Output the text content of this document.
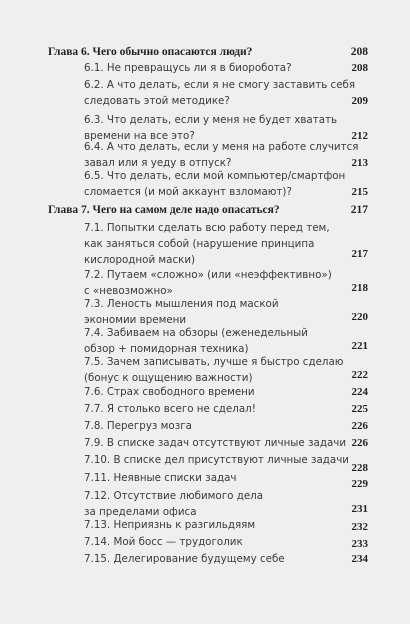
Глава 6. Чего обычно опасаются люди?	208
6.1. Не превращусь ли я в биоробота?	208
6.2. А что делать, если я не смогу заставить себя
следовать этой методике?	209
6.3. Что делать, если у меня не будет хватать
времени на все это?	212
6.4. А что делать, если у меня на работе случится
завал или я уеду в отпуск?	213
6.5. Что делать, если мой компьютер/смартфон
сломается (и мой аккаунт взломают)?	215
Глава 7. Чего на самом деле надо опасаться?	217
7.1. Попытки сделать всю работу перед тем,
как заняться собой (нарушение принципа
кислородной маски)	217
7.2. Путаем «сложно» (или «неэффективно»)
с «невозможно»	218
7.3. Леность мышления под маской
экономии времени	220
7.4. Забиваем на обзоры (еженедельный
обзор + помидорная техника)	221
7.5. Зачем записывать, лучше я быстро сделаю
(бонус к ощущению важности)	222
7.6. Страх свободного времени	224
7.7. Я столько всего не сделал!	225
7.8. Перегруз мозга	226
7.9. В списке задач отсутствуют личные задачи 226
7.10. В списке дел присутствуют личные задачи
228
7.11. Неявные списки задач	229
7.12. Отсутствие любимого дела
за пределами офиса	231
7.13. Неприязнь к разгильдяям	232
7.14. Мой босс — трудоголик	233
7.15. Делегирование будущему себе	234
